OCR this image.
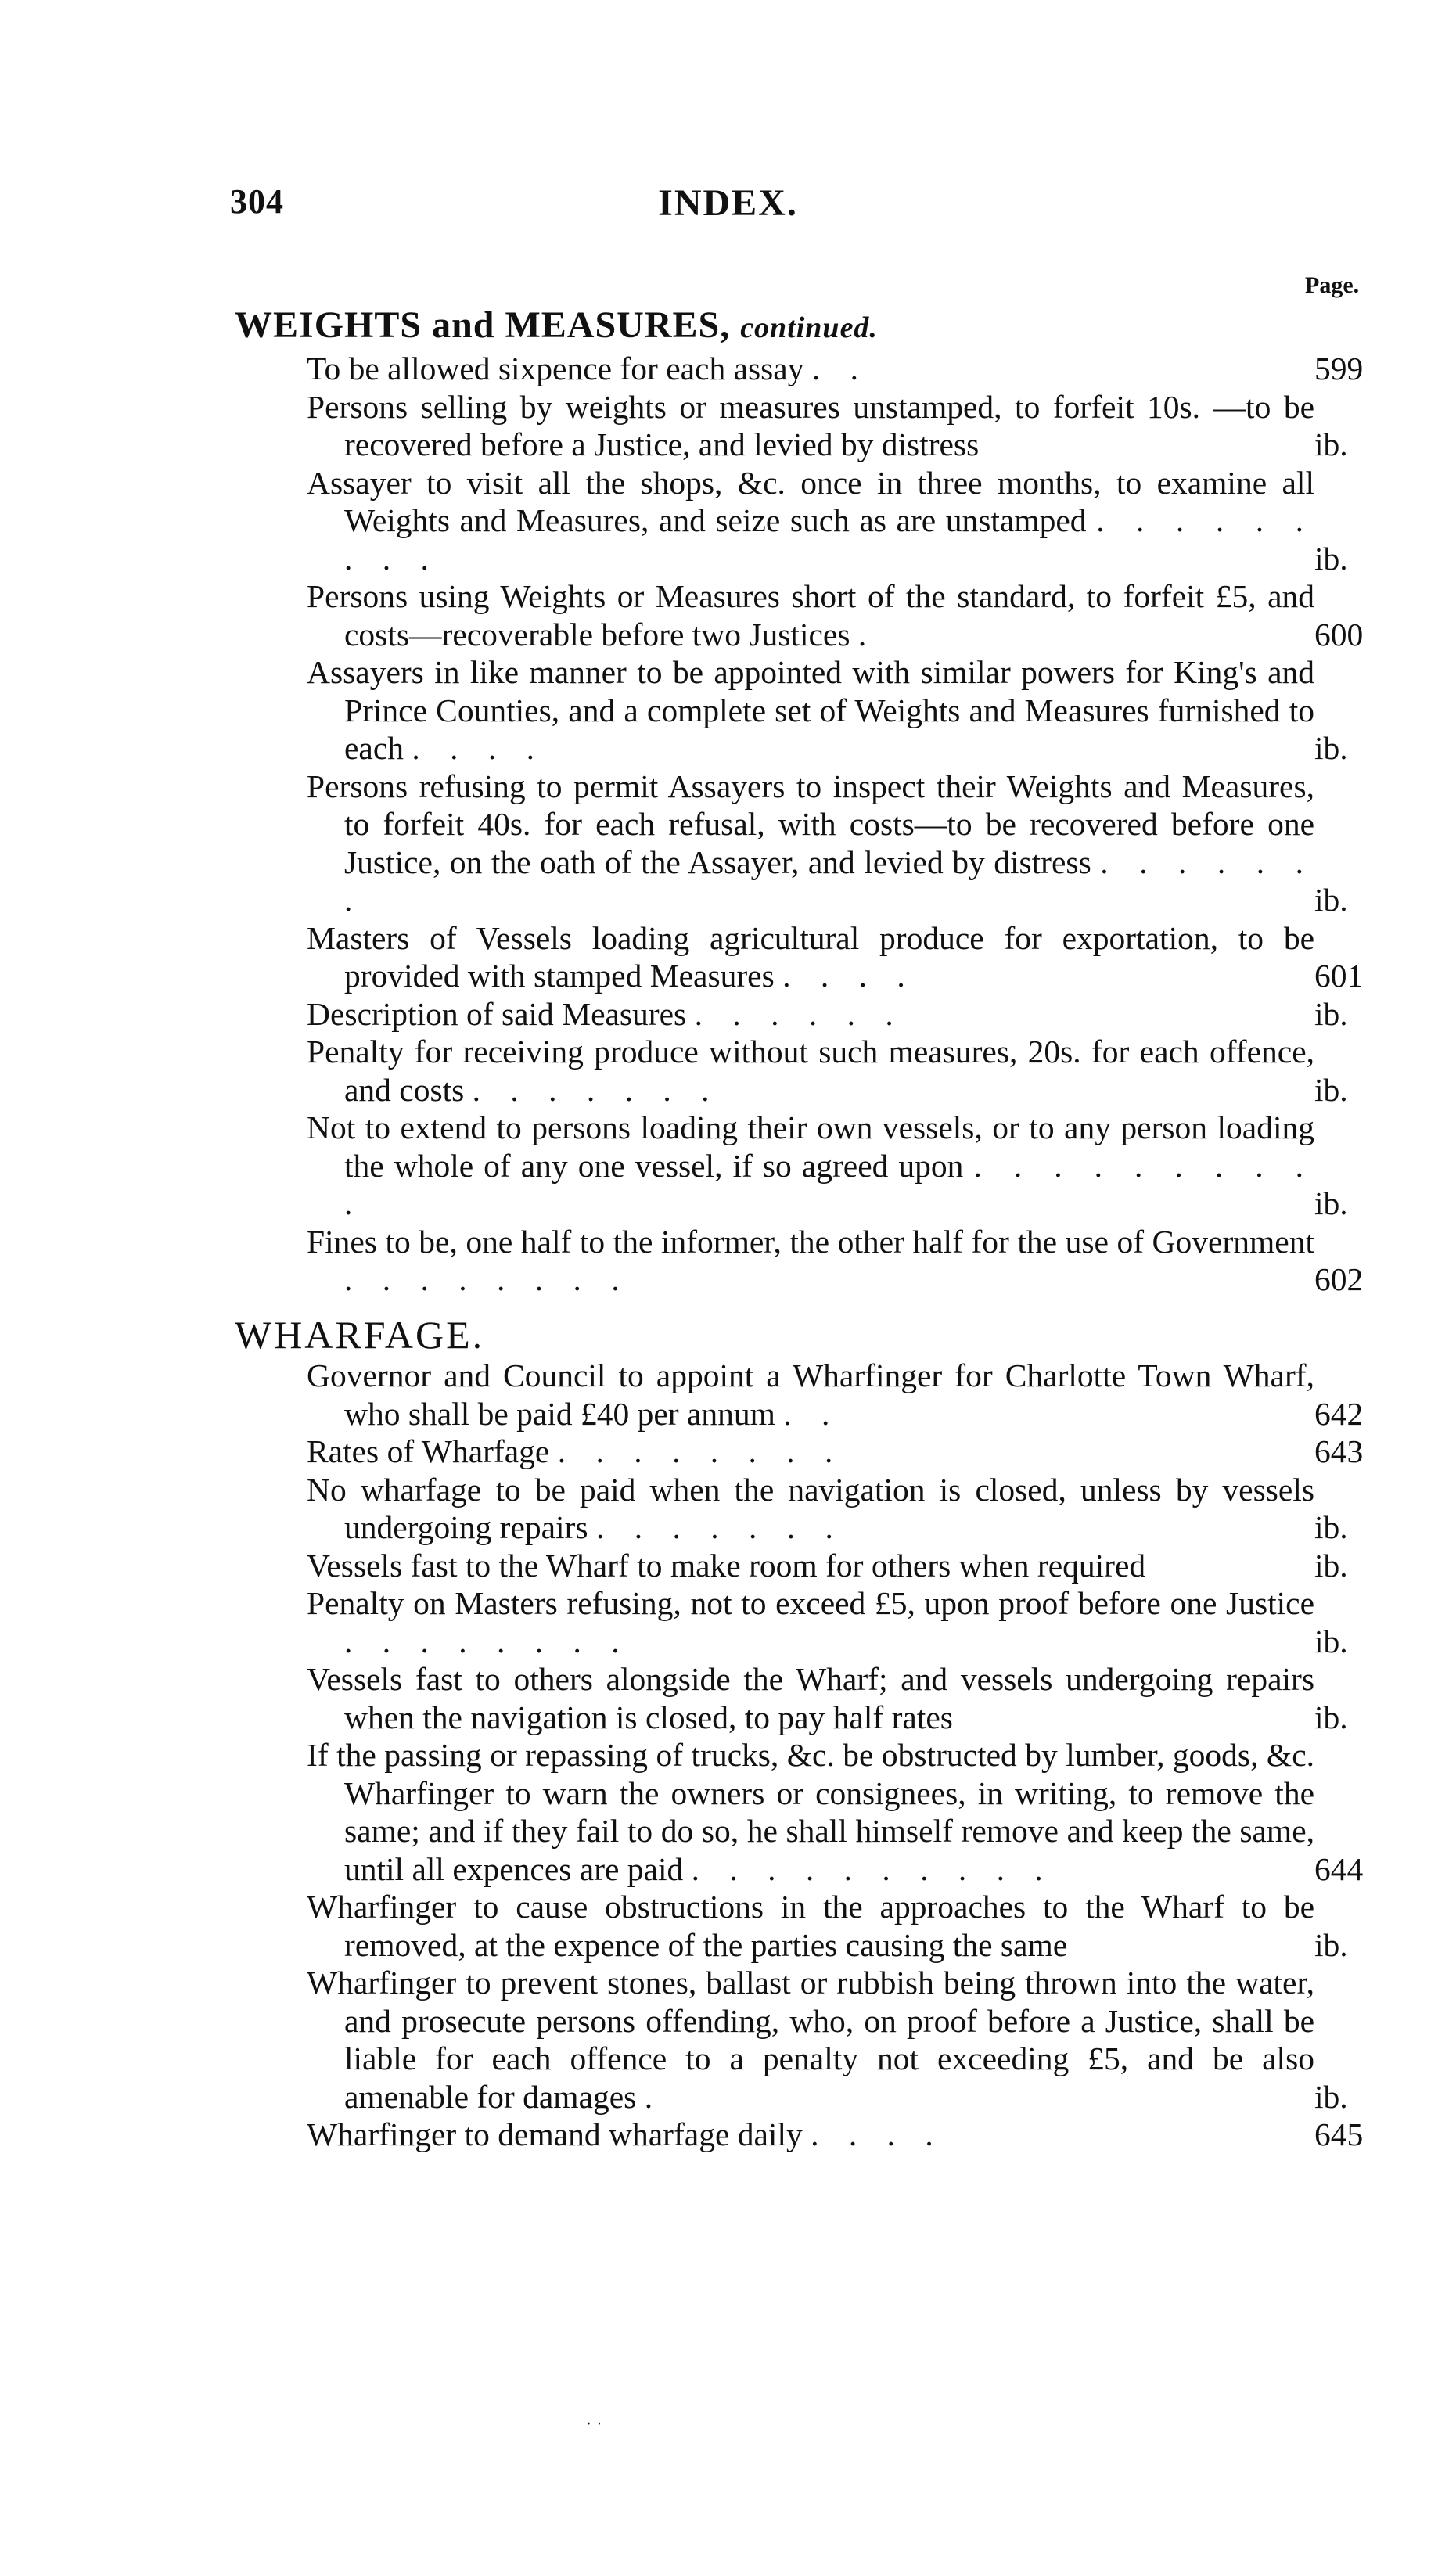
304	INDEX.
Page.
WEIGHTS and MEASURES, continued.
To be allowed sixpence for each assay . .	599
Persons selling by weights or measures unstamped, to forfeit 10s. —to be recovered before a Justice, and levied by distress	ib.
Assayer to visit all the shops, &c. once in three months, to examine all Weights and Measures, and seize such as are unstamped . . . . . . . . .	ib.
Persons using Weights or Measures short of the standard, to forfeit £5, and costs—recoverable before two Justices .	600
Assayers in like manner to be appointed with similar powers for King's and Prince Counties, and a complete set of Weights and Measures furnished to each . . . .	ib.
Persons refusing to permit Assayers to inspect their Weights and Measures, to forfeit 40s. for each refusal, with costs—to be recovered before one Justice, on the oath of the Assayer, and levied by distress . . . . . . .	ib.
Masters of Vessels loading agricultural produce for exportation, to be provided with stamped Measures . . . .	601
Description of said Measures . . . . . .	ib.
Penalty for receiving produce without such measures, 20s. for each offence, and costs . . . . . . .	ib.
Not to extend to persons loading their own vessels, or to any person loading the whole of any one vessel, if so agreed upon . . . . . . . . . .	ib.
Fines to be, one half to the informer, the other half for the use of Government . . . . . . . .	602
WHARFAGE.
Governor and Council to appoint a Wharfinger for Charlotte Town Wharf, who shall be paid £40 per annum . .	642
Rates of Wharfage . . . . . . . .	643
No wharfage to be paid when the navigation is closed, unless by vessels undergoing repairs . . . . . . .	ib.
Vessels fast to the Wharf to make room for others when required	ib.
Penalty on Masters refusing, not to exceed £5, upon proof before one Justice . . . . . . . .	ib.
Vessels fast to others alongside the Wharf; and vessels undergoing repairs when the navigation is closed, to pay half rates	ib.
If the passing or repassing of trucks, &c. be obstructed by lumber, goods, &c. Wharfinger to warn the owners or consignees, in writing, to remove the same; and if they fail to do so, he shall himself remove and keep the same, until all expences are paid . . . . . . . . . .	644
Wharfinger to cause obstructions in the approaches to the Wharf to be removed, at the expence of the parties causing the same	ib.
Wharfinger to prevent stones, ballast or rubbish being thrown into the water, and prosecute persons offending, who, on proof before a Justice, shall be liable for each offence to a penalty not exceeding £5, and be also amenable for damages .	ib.
Wharfinger to demand wharfage daily . . . .	645
·  ·
